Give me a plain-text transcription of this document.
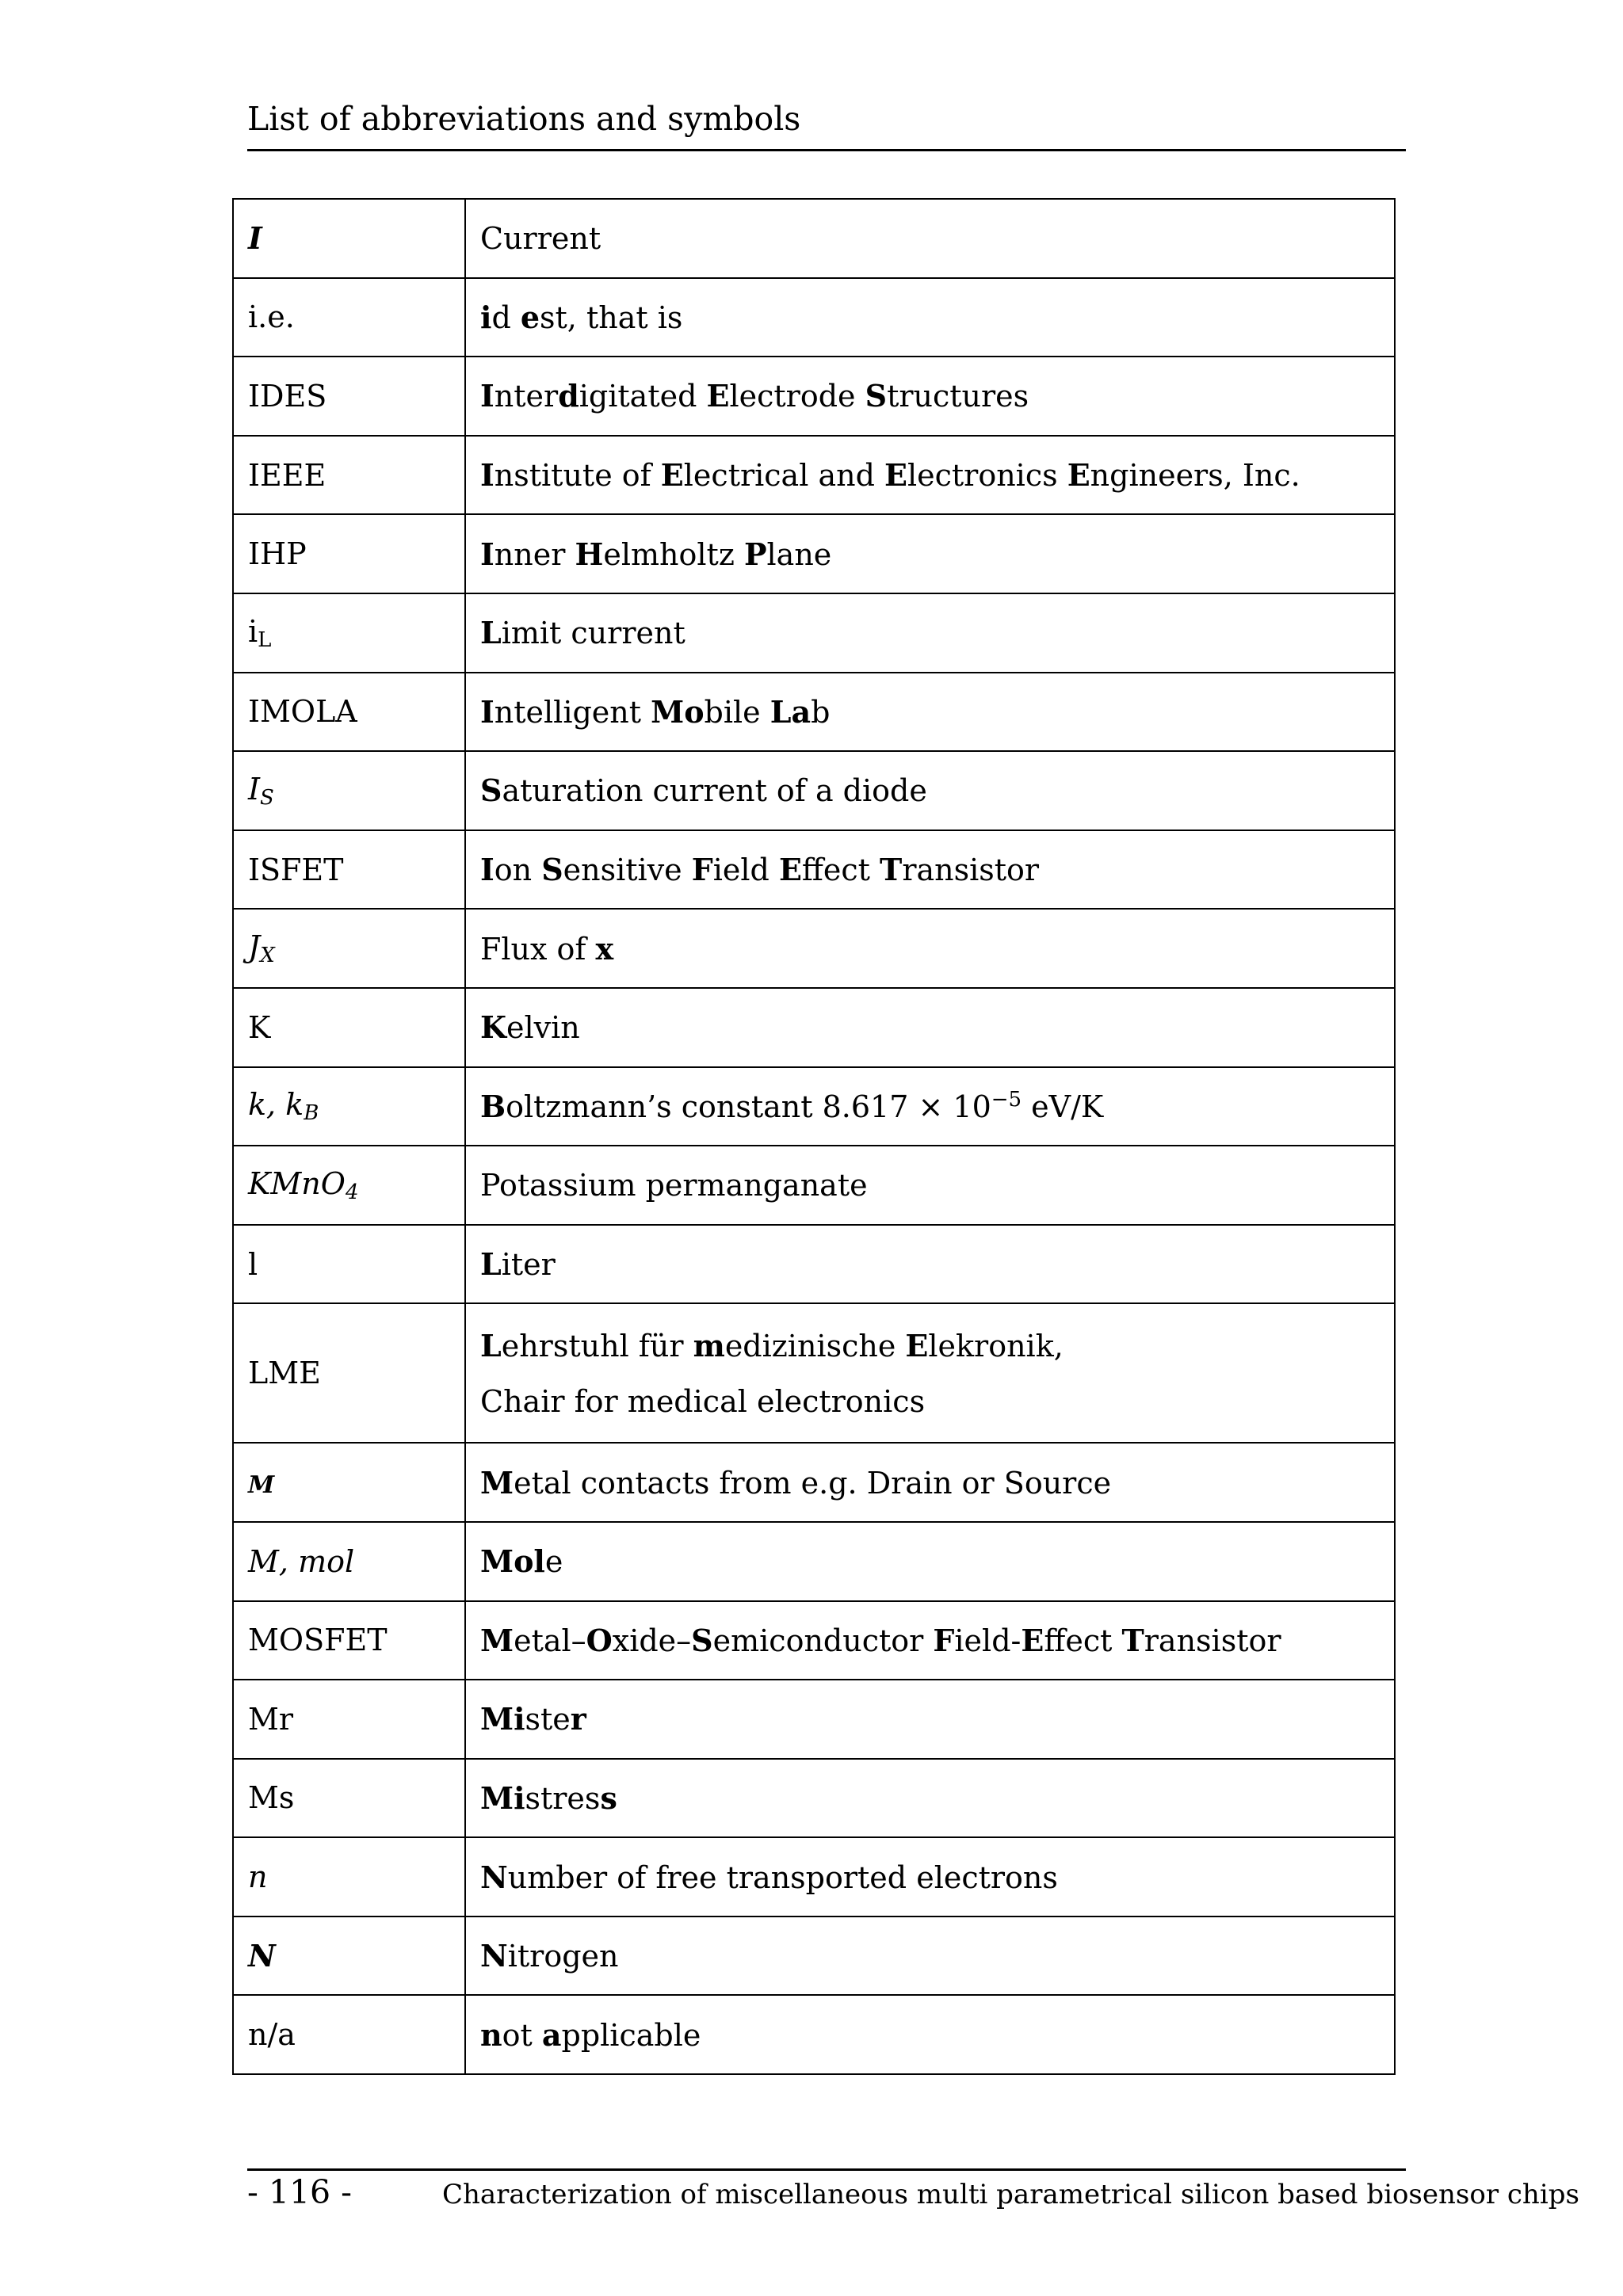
List of abbreviations and symbols
I	Current
i.e.	id est, that is
IDES	Interdigitated Electrode Structures
IEEE	Institute of Electrical and Electronics Engineers, Inc.
IHP	Inner Helmholtz Plane
$i_L$	Limit current
IMOLA	Intelligent Mobile Lab
$I_S$	Saturation current of a diode
ISFET	Ion Sensitive Field Effect Transistor
$J_X$	Flux of x
K	Kelvin
k, $k_B$	Boltzmann’s constant $8.617 \times 10^{-5}$ eV/K
KMnO$_4$	Potassium permanganate
l	Liter
LME	Lehrstuhl für medizinische Elekronik,
Chair for medical electronics

M	Metal contacts from e.g. Drain or Source
M, mol	Mole
MOSFET	Metal–Oxide–Semiconductor Field-Effect Transistor
Mr	Mister
Ms	Mistress
n	Number of free transported electrons
N	Nitrogen
n/a	not applicable
- 116 -	Characterization of miscellaneous multi parametrical silicon based biosensor chips
